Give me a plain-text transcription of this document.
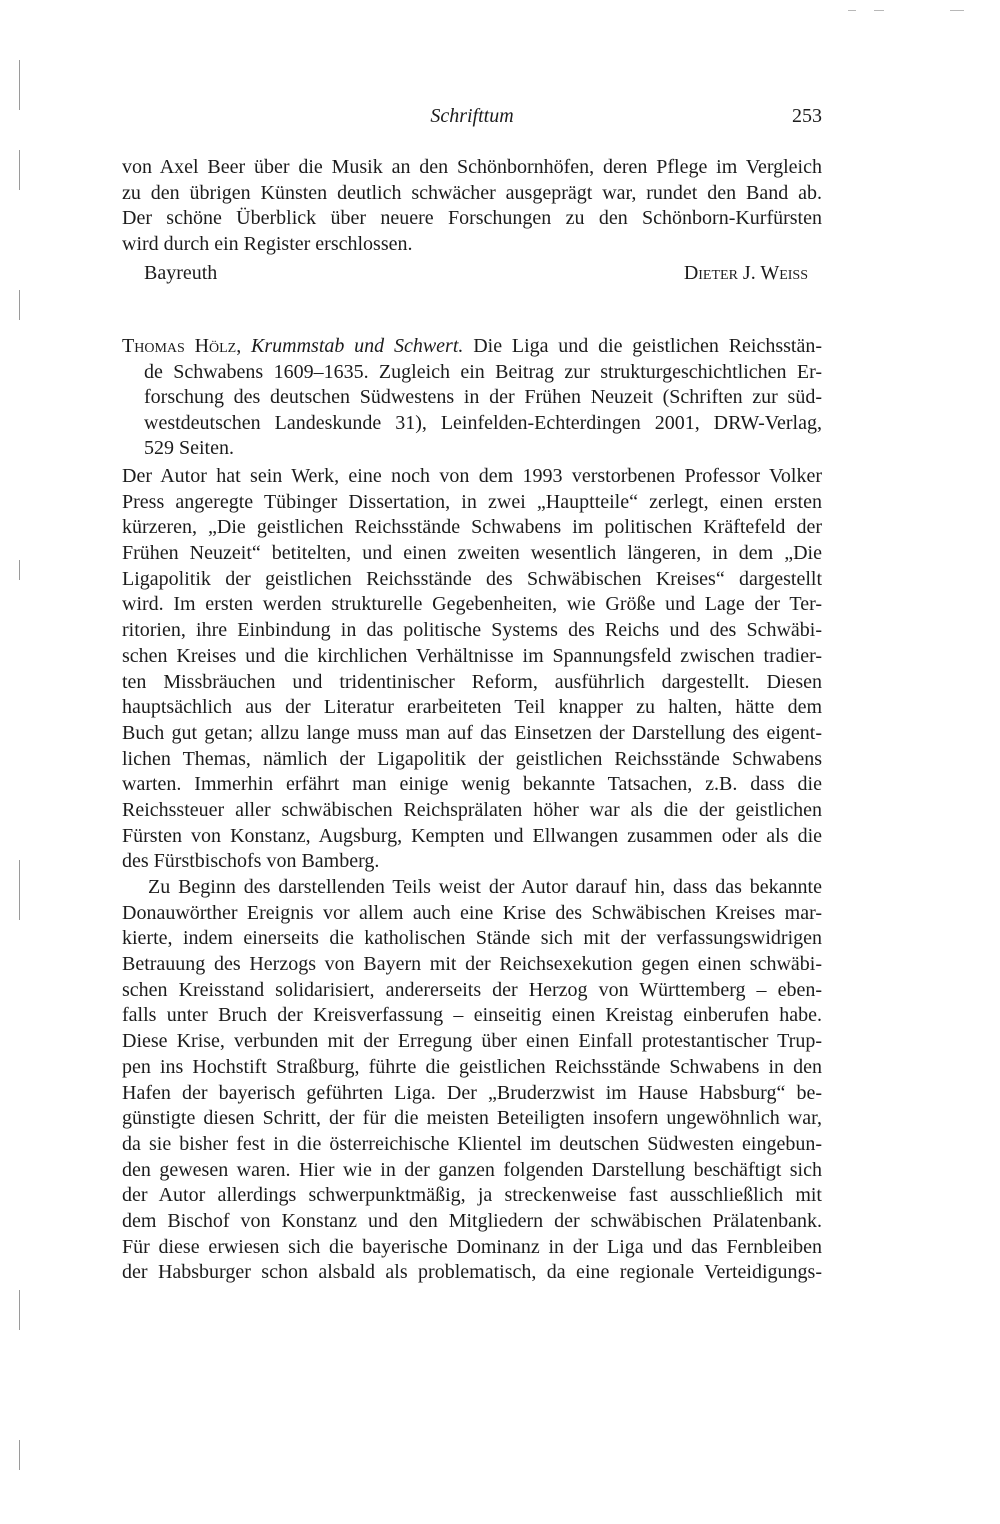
Schrifttum	253
von Axel Beer über die Musik an den Schönbornhöfen, deren Pflege im Vergleich
zu den übrigen Künsten deutlich schwächer ausgeprägt war, rundet den Band ab.
Der schöne Überblick über neuere Forschungen zu den Schönborn-Kurfürsten
wird durch ein Register erschlossen.
Bayreuth	Dieter J. Weiss
Thomas Hölz, Krummstab und Schwert. Die Liga und die geistlichen Reichsstän-
de Schwabens 1609–1635. Zugleich ein Beitrag zur strukturgeschichtlichen Er-
forschung des deutschen Südwestens in der Frühen Neuzeit (Schriften zur süd-
westdeutschen Landeskunde 31), Leinfelden-Echterdingen 2001, DRW-Verlag,
529 Seiten.
Der Autor hat sein Werk, eine noch von dem 1993 verstorbenen Professor Volker
Press angeregte Tübinger Dissertation, in zwei „Hauptteile“ zerlegt, einen ersten
kürzeren, „Die geistlichen Reichsstände Schwabens im politischen Kräftefeld der
Frühen Neuzeit“ betitelten, und einen zweiten wesentlich längeren, in dem „Die
Ligapolitik der geistlichen Reichsstände des Schwäbischen Kreises“ dargestellt
wird. Im ersten werden strukturelle Gegebenheiten, wie Größe und Lage der Ter-
ritorien, ihre Einbindung in das politische Systems des Reichs und des Schwäbi-
schen Kreises und die kirchlichen Verhältnisse im Spannungsfeld zwischen tradier-
ten Missbräuchen und tridentinischer Reform, ausführlich dargestellt. Diesen
hauptsächlich aus der Literatur erarbeiteten Teil knapper zu halten, hätte dem
Buch gut getan; allzu lange muss man auf das Einsetzen der Darstellung des eigent-
lichen Themas, nämlich der Ligapolitik der geistlichen Reichsstände Schwabens
warten. Immerhin erfährt man einige wenig bekannte Tatsachen, z.B. dass die
Reichssteuer aller schwäbischen Reichsprälaten höher war als die der geistlichen
Fürsten von Konstanz, Augsburg, Kempten und Ellwangen zusammen oder als die
des Fürstbischofs von Bamberg.
Zu Beginn des darstellenden Teils weist der Autor darauf hin, dass das bekannte
Donauwörther Ereignis vor allem auch eine Krise des Schwäbischen Kreises mar-
kierte, indem einerseits die katholischen Stände sich mit der verfassungswidrigen
Betrauung des Herzogs von Bayern mit der Reichsexekution gegen einen schwäbi-
schen Kreisstand solidarisiert, andererseits der Herzog von Württemberg – eben-
falls unter Bruch der Kreisverfassung – einseitig einen Kreistag einberufen habe.
Diese Krise, verbunden mit der Erregung über einen Einfall protestantischer Trup-
pen ins Hochstift Straßburg, führte die geistlichen Reichsstände Schwabens in den
Hafen der bayerisch geführten Liga. Der „Bruderzwist im Hause Habsburg“ be-
günstigte diesen Schritt, der für die meisten Beteiligten insofern ungewöhnlich war,
da sie bisher fest in die österreichische Klientel im deutschen Südwesten eingebun-
den gewesen waren. Hier wie in der ganzen folgenden Darstellung beschäftigt sich
der Autor allerdings schwerpunktmäßig, ja streckenweise fast ausschließlich mit
dem Bischof von Konstanz und den Mitgliedern der schwäbischen Prälatenbank.
Für diese erwiesen sich die bayerische Dominanz in der Liga und das Fernbleiben
der Habsburger schon alsbald als problematisch, da eine regionale Verteidigungs-
